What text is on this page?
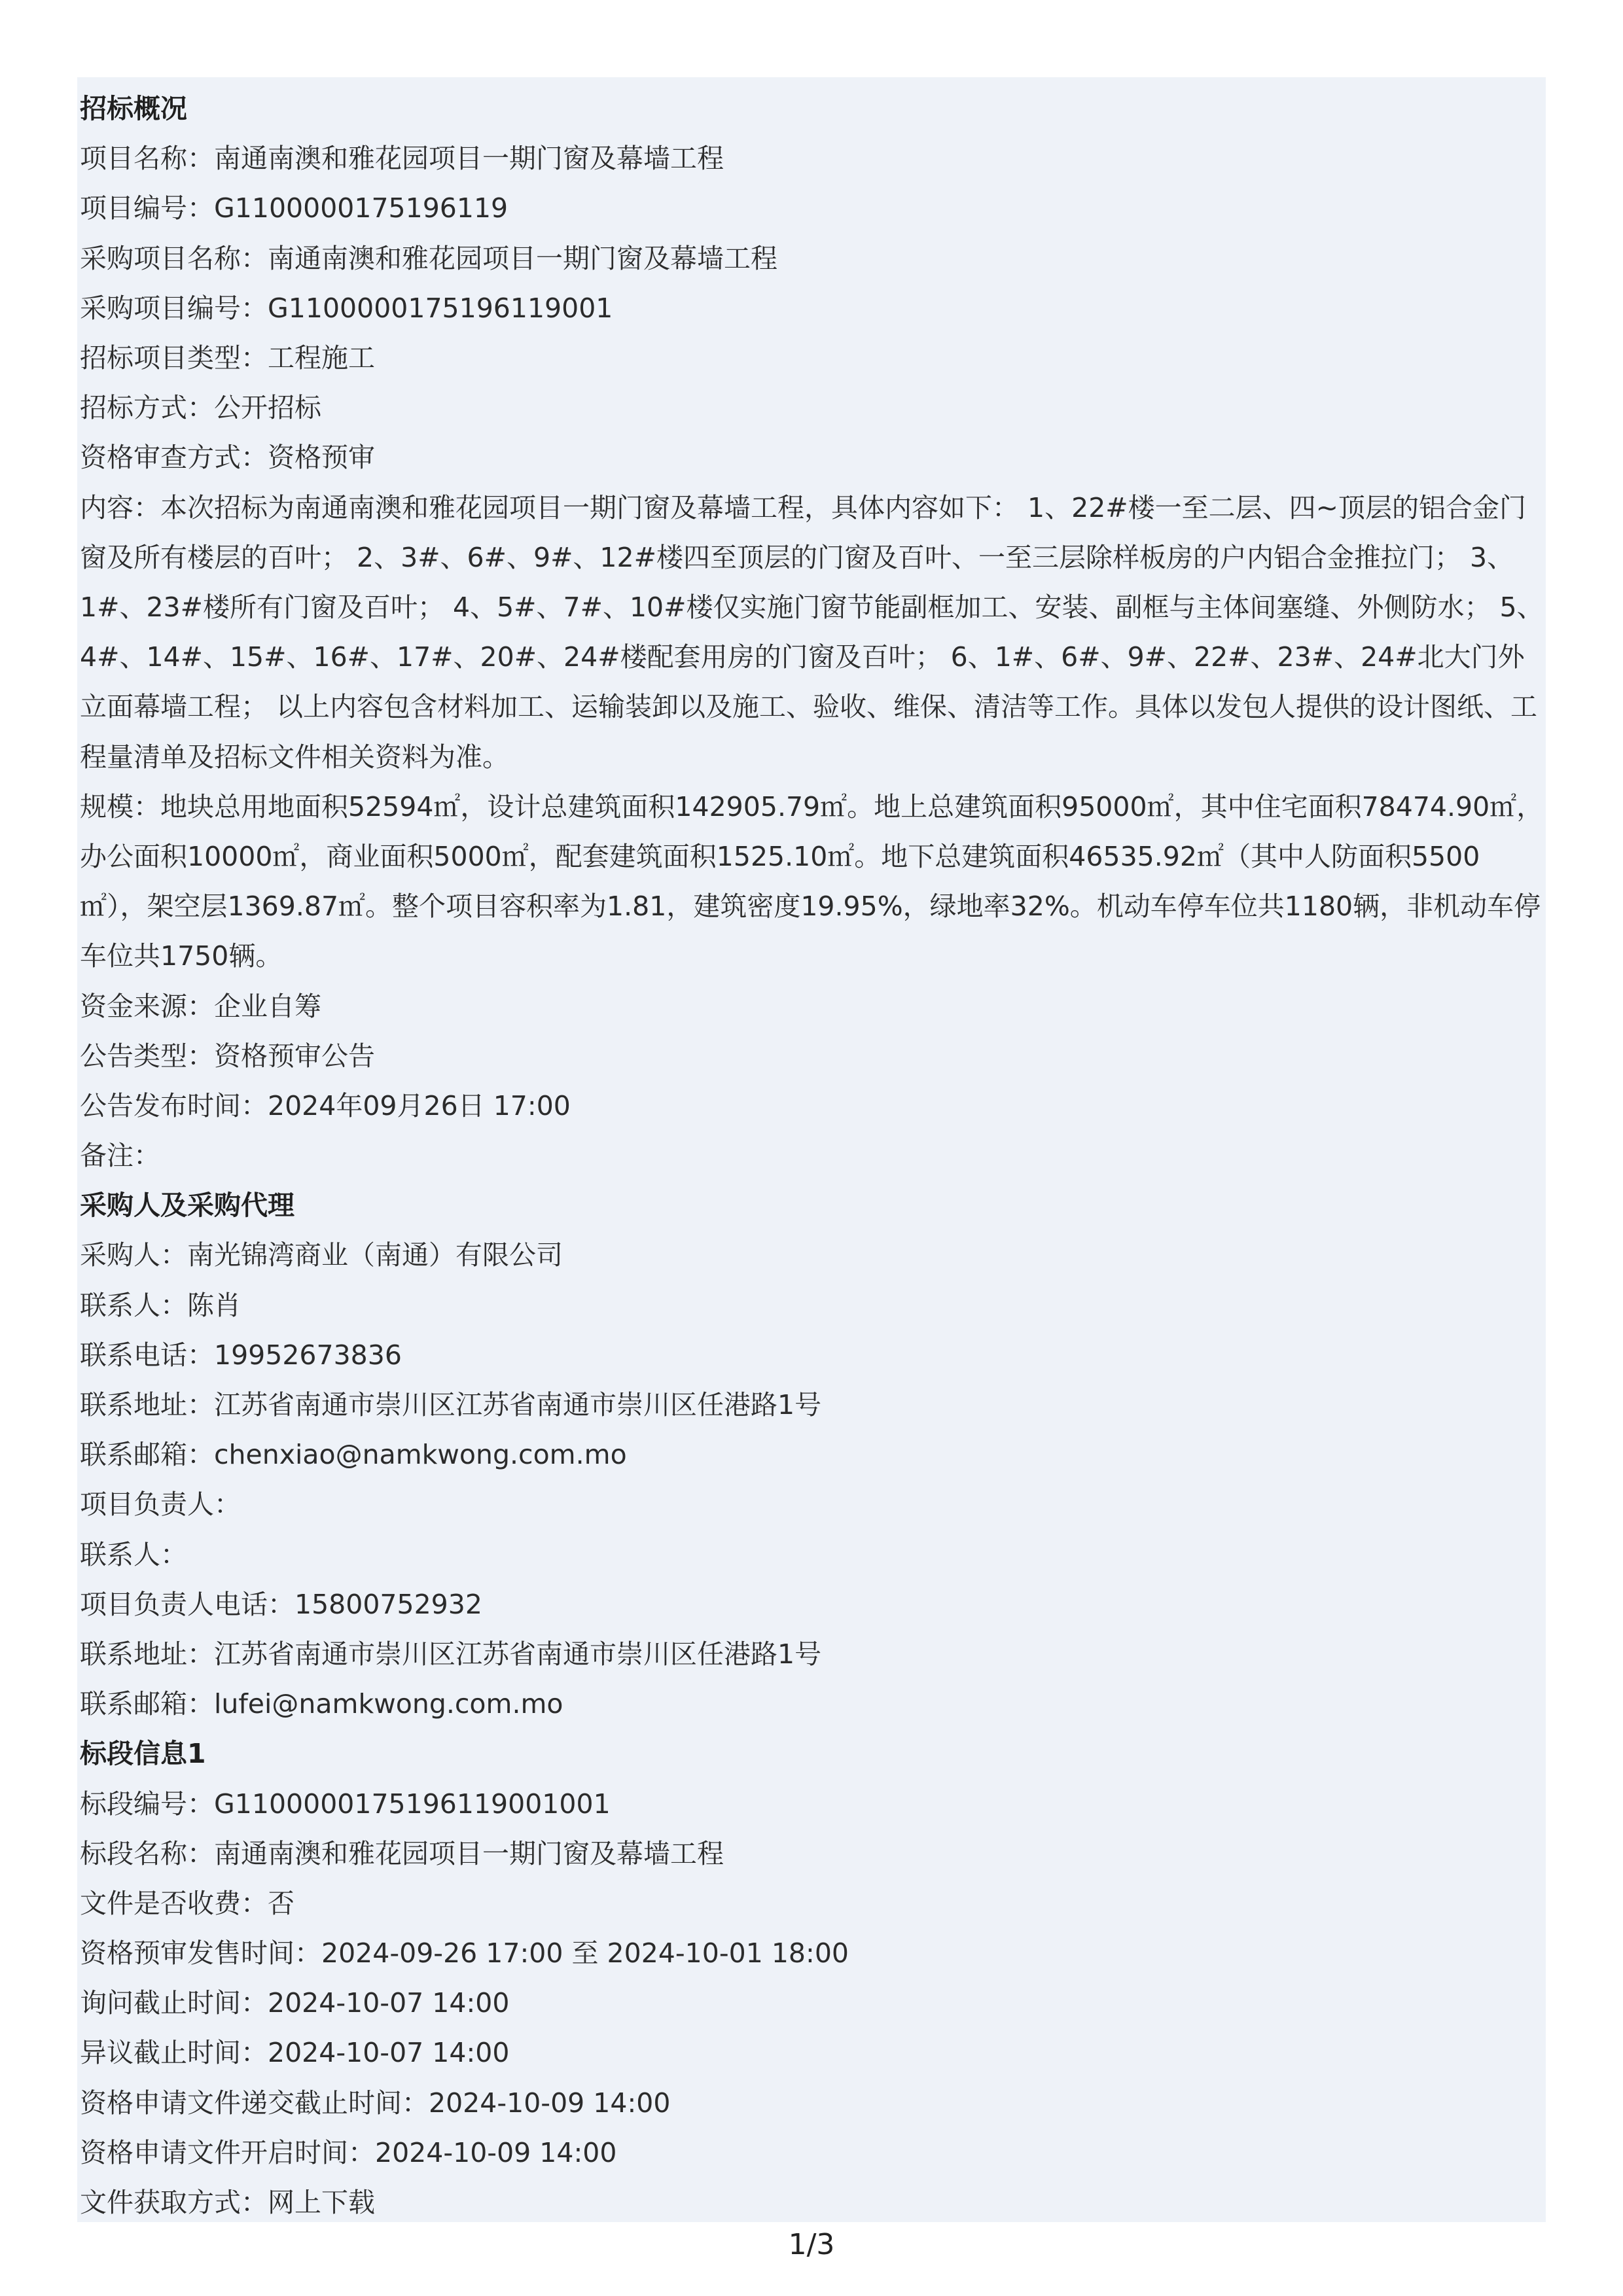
招标概况
项目名称：南通南澳和雅花园项目一期门窗及幕墙工程
项目编号：G1100000175196119
采购项目名称：南通南澳和雅花园项目一期门窗及幕墙工程
采购项目编号：G1100000175196119001
招标项目类型：工程施工
招标方式：公开招标
资格审查方式：资格预审

内容：本次招标为南通南澳和雅花园项目一期门窗及幕墙工程，具体内容如下： 1、22#楼一至二层、四~顶层的铝合金门窗及所有楼层的百叶； 2、3#、6#、9#、12#楼四至顶层的门窗及百叶、一至三层除样板房的户内铝合金推拉门； 3、1#、23#楼所有门窗及百叶； 4、5#、7#、10#楼仅实施门窗节能副框加工、安装、副框与主体间塞缝、外侧防水； 5、4#、14#、15#、16#、17#、20#、24#楼配套用房的门窗及百叶； 6、1#、6#、9#、22#、23#、24#北大门外立面幕墙工程； 以上内容包含材料加工、运输装卸以及施工、验收、维保、清洁等工作。具体以发包人提供的设计图纸、工程量清单及招标文件相关资料为准。

规模：地块总用地面积52594㎡，设计总建筑面积142905.79㎡。地上总建筑面积95000㎡，其中住宅面积78474.90㎡，办公面积10000㎡，商业面积5000㎡，配套建筑面积1525.10㎡。地下总建筑面积46535.92㎡（其中人防面积5500㎡），架空层1369.87㎡。整个项目容积率为1.81，建筑密度19.95%，绿地率32%。机动车停车位共1180辆，非机动车停车位共1750辆。

资金来源：企业自筹
公告类型：资格预审公告
公告发布时间：2024年09月26日 17:00
备注：
采购人及采购代理
采购人：南光锦湾商业（南通）有限公司
联系人：陈肖
联系电话：19952673836
联系地址：江苏省南通市崇川区江苏省南通市崇川区任港路1号
联系邮箱：chenxiao@namkwong.com.mo
项目负责人：
联系人：
项目负责人电话：15800752932
联系地址：江苏省南通市崇川区江苏省南通市崇川区任港路1号
联系邮箱：lufei@namkwong.com.mo
标段信息1
标段编号：G1100000175196119001001
标段名称：南通南澳和雅花园项目一期门窗及幕墙工程
文件是否收费：否
资格预审发售时间：2024-09-26 17:00 至 2024-10-01 18:00
询问截止时间：2024-10-07 14:00
异议截止时间：2024-10-07 14:00
资格申请文件递交截止时间：2024-10-09 14:00
资格申请文件开启时间：2024-10-09 14:00
文件获取方式：网上下载
1/3
